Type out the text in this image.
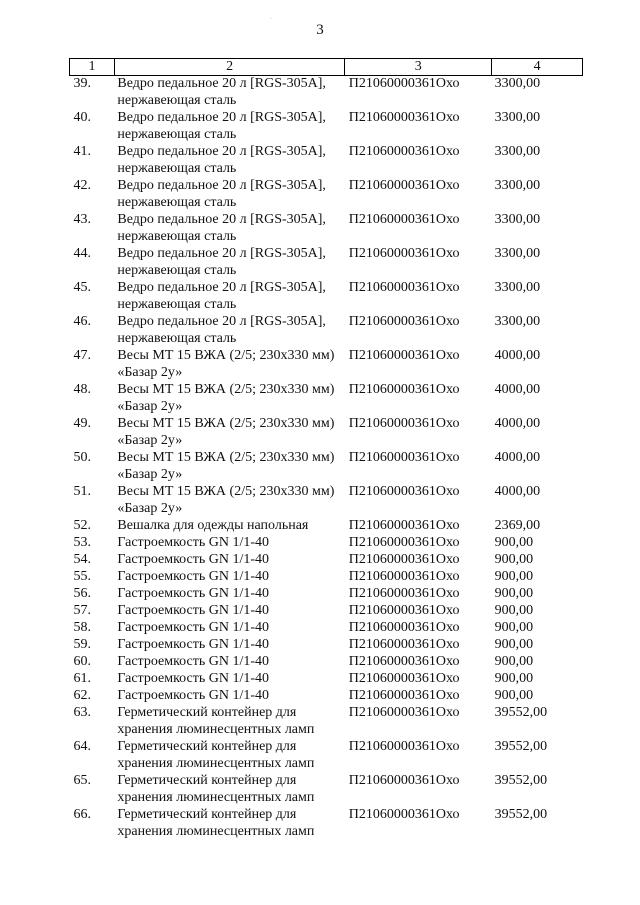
3
·
1	2	3	4
39.	Ведро педальное 20 л [RGS-305А], нержавеющая сталь	П21060000361Охо	3300,00
40.	Ведро педальное 20 л [RGS-305А], нержавеющая сталь	П21060000361Охо	3300,00
41.	Ведро педальное 20 л [RGS-305А], нержавеющая сталь	П21060000361Охо	3300,00
42.	Ведро педальное 20 л [RGS-305А], нержавеющая сталь	П21060000361Охо	3300,00
43.	Ведро педальное 20 л [RGS-305А], нержавеющая сталь	П21060000361Охо	3300,00
44.	Ведро педальное 20 л [RGS-305А], нержавеющая сталь	П21060000361Охо	3300,00
45.	Ведро педальное 20 л [RGS-305А], нержавеющая сталь	П21060000361Охо	3300,00
46.	Ведро педальное 20 л [RGS-305А], нержавеющая сталь	П21060000361Охо	3300,00
47.	Весы МТ 15 ВЖА (2/5; 230x330 мм) «Базар 2у»	П21060000361Охо	4000,00
48.	Весы МТ 15 ВЖА (2/5; 230x330 мм) «Базар 2у»	П21060000361Охо	4000,00
49.	Весы МТ 15 ВЖА (2/5; 230x330 мм) «Базар 2у»	П21060000361Охо	4000,00
50.	Весы МТ 15 ВЖА (2/5; 230x330 мм) «Базар 2у»	П21060000361Охо	4000,00
51.	Весы МТ 15 ВЖА (2/5; 230x330 мм) «Базар 2у»	П21060000361Охо	4000,00
52.	Вешалка для одежды напольная	П21060000361Охо	2369,00
53.	Гастроемкость GN 1/1-40	П21060000361Охо	900,00
54.	Гастроемкость GN 1/1-40	П21060000361Охо	900,00
55.	Гастроемкость GN 1/1-40	П21060000361Охо	900,00
56.	Гастроемкость GN 1/1-40	П21060000361Охо	900,00
57.	Гастроемкость GN 1/1-40	П21060000361Охо	900,00
58.	Гастроемкость GN 1/1-40	П21060000361Охо	900,00
59.	Гастроемкость GN 1/1-40	П21060000361Охо	900,00
60.	Гастроемкость GN 1/1-40	П21060000361Охо	900,00
61.	Гастроемкость GN 1/1-40	П21060000361Охо	900,00
62.	Гастроемкость GN 1/1-40	П21060000361Охо	900,00
63.	Герметический контейнер для хранения люминесцентных ламп	П21060000361Охо	39552,00
64.	Герметический контейнер для хранения люминесцентных ламп	П21060000361Охо	39552,00
65.	Герметический контейнер для хранения люминесцентных ламп	П21060000361Охо	39552,00
66.	Герметический контейнер для хранения люминесцентных ламп	П21060000361Охо	39552,00
